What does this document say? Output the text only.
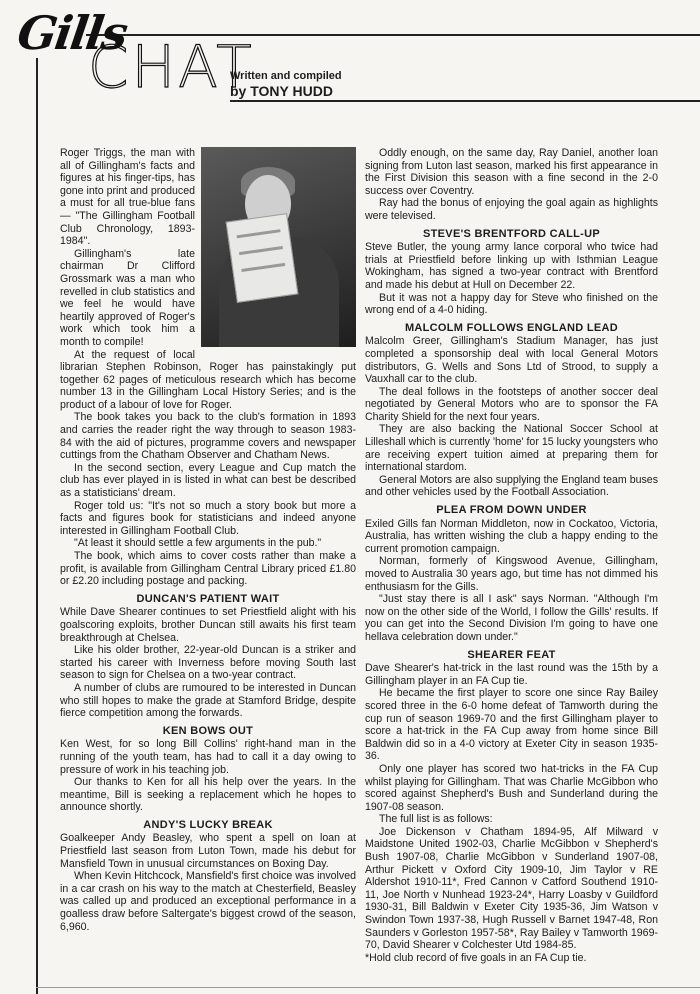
Gills
CHAT
Written and compiled
by TONY HUDD

Roger Triggs, the man with all of Gillingham's facts and figures at his finger-tips, has gone into print and produced a must for all true-blue fans — "The Gillingham Football Club Chronology, 1893-1984".

Gillingham's late chairman Dr Clifford Grossmark was a man who revelled in club statistics and we feel he would have heartily approved of Roger's work which took him a month to compile!

At the request of local librarian Stephen Robinson, Roger has painstakingly put together 62 pages of meticulous research which has become number 13 in the Gillingham Local History Series; and is the product of a labour of love for Roger.

The book takes you back to the club's formation in 1893 and carries the reader right the way through to season 1983-84 with the aid of pictures, programme covers and newspaper cuttings from the Chatham Observer and Chatham News.

In the second section, every League and Cup match the club has ever played in is listed in what can best be described as a statisticians' dream.

Roger told us: "It's not so much a story book but more a facts and figures book for statisticians and indeed anyone interested in Gillingham Football Club.

"At least it should settle a few arguments in the pub."

The book, which aims to cover costs rather than make a profit, is available from Gillingham Central Library priced £1.80 or £2.20 including postage and packing.

DUNCAN'S PATIENT WAIT

While Dave Shearer continues to set Priestfield alight with his goalscoring exploits, brother Duncan still awaits his first team breakthrough at Chelsea.

Like his older brother, 22-year-old Duncan is a striker and started his career with Inverness before moving South last season to sign for Chelsea on a two-year contract.

A number of clubs are rumoured to be interested in Duncan who still hopes to make the grade at Stamford Bridge, despite fierce competition among the forwards.

KEN BOWS OUT

Ken West, for so long Bill Collins' right-hand man in the running of the youth team, has had to call it a day owing to pressure of work in his teaching job.

Our thanks to Ken for all his help over the years. In the meantime, Bill is seeking a replacement which he hopes to announce shortly.

ANDY'S LUCKY BREAK

Goalkeeper Andy Beasley, who spent a spell on loan at Priestfield last season from Luton Town, made his debut for Mansfield Town in unusual circumstances on Boxing Day.

When Kevin Hitchcock, Mansfield's first choice was involved in a car crash on his way to the match at Chesterfield, Beasley was called up and produced an exceptional performance in a goalless draw before Saltergate's biggest crowd of the season, 6,960.

Oddly enough, on the same day, Ray Daniel, another loan signing from Luton last season, marked his first appearance in the First Division this season with a fine second in the 2-0 success over Coventry.

Ray had the bonus of enjoying the goal again as highlights were televised.

STEVE'S BRENTFORD CALL-UP

Steve Butler, the young army lance corporal who twice had trials at Priestfield before linking up with Isthmian League Wokingham, has signed a two-year contract with Brentford and made his debut at Hull on December 22.

But it was not a happy day for Steve who finished on the wrong end of a 4-0 hiding.

MALCOLM FOLLOWS ENGLAND LEAD

Malcolm Greer, Gillingham's Stadium Manager, has just completed a sponsorship deal with local General Motors distributors, G. Wells and Sons Ltd of Strood, to supply a Vauxhall car to the club.

The deal follows in the footsteps of another soccer deal negotiated by General Motors who are to sponsor the FA Charity Shield for the next four years.

They are also backing the National Soccer School at Lilleshall which is currently 'home' for 15 lucky youngsters who are receiving expert tuition aimed at preparing them for international stardom.

General Motors are also supplying the England team buses and other vehicles used by the Football Association.

PLEA FROM DOWN UNDER

Exiled Gills fan Norman Middleton, now in Cockatoo, Victoria, Australia, has written wishing the club a happy ending to the current promotion campaign.

Norman, formerly of Kingswood Avenue, Gillingham, moved to Australia 30 years ago, but time has not dimmed his enthusiasm for the Gills.

"Just stay there is all I ask" says Norman. "Although I'm now on the other side of the World, I follow the Gills' results. If you can get into the Second Division I'm going to have one hellava celebration down under."

SHEARER FEAT

Dave Shearer's hat-trick in the last round was the 15th by a Gillingham player in an FA Cup tie.

He became the first player to score one since Ray Bailey scored three in the 6-0 home defeat of Tamworth during the cup run of season 1969-70 and the first Gillingham player to score a hat-trick in the FA Cup away from home since Bill Baldwin did so in a 4-0 victory at Exeter City in season 1935-36.

Only one player has scored two hat-tricks in the FA Cup whilst playing for Gillingham. That was Charlie McGibbon who scored against Shepherd's Bush and Sunderland during the 1907-08 season.

The full list is as follows:

Joe Dickenson v Chatham 1894-95, Alf Milward v Maidstone United 1902-03, Charlie McGibbon v Shepherd's Bush 1907-08, Charlie McGibbon v Sunderland 1907-08, Arthur Pickett v Oxford City 1909-10, Jim Taylor v RE Aldershot 1910-11*, Fred Cannon v Catford Southend 1910-11, Joe North v Nunhead 1923-24*, Harry Loasby v Guildford 1930-31, Bill Baldwin v Exeter City 1935-36, Jim Watson v Swindon Town 1937-38, Hugh Russell v Barnet 1947-48, Ron Saunders v Gorleston 1957-58*, Ray Bailey v Tamworth 1969-70, David Shearer v Colchester Utd 1984-85.

*Hold club record of five goals in an FA Cup tie.
